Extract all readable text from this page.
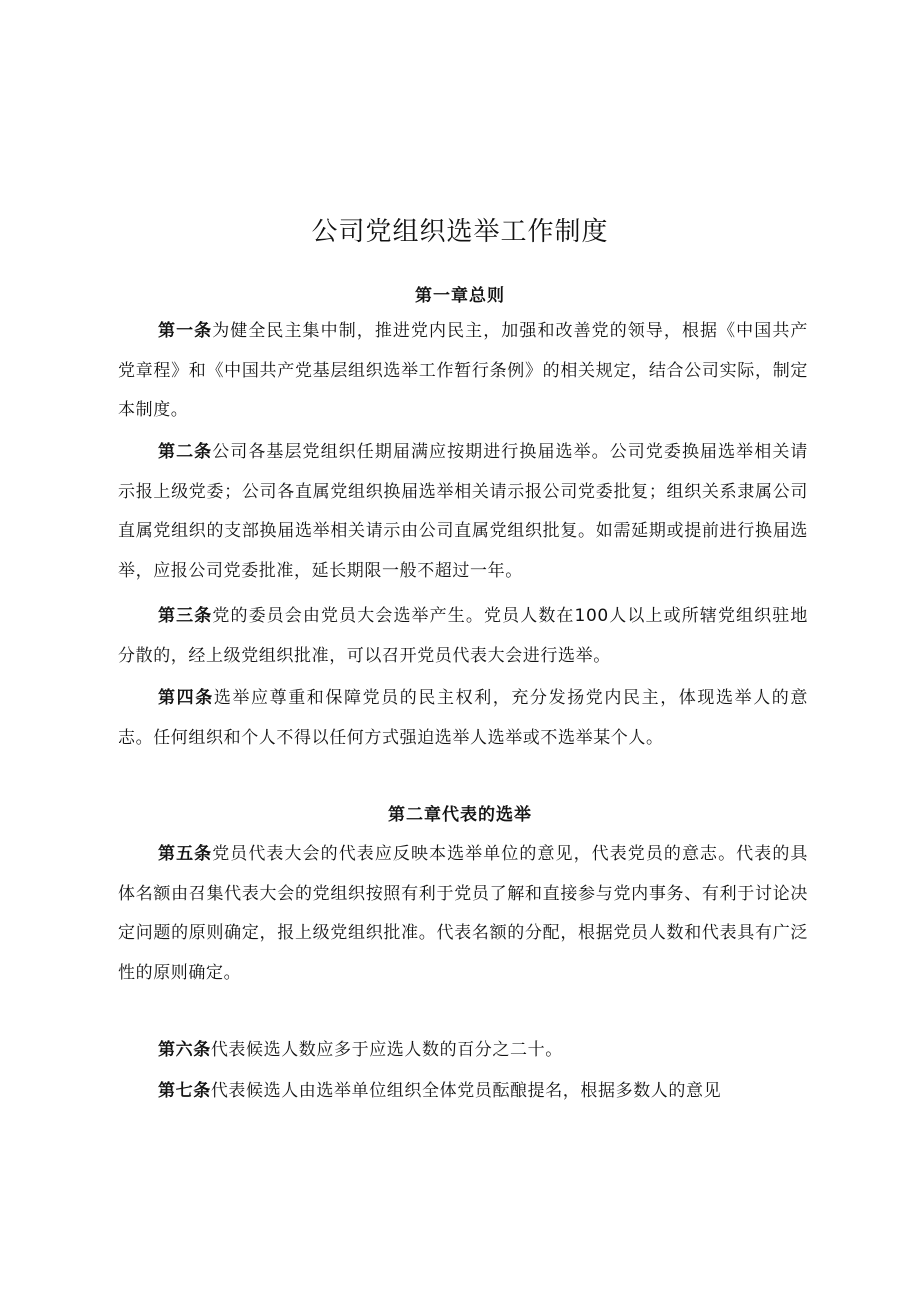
公司党组织选举工作制度
第一章总则

第一条为健全民主集中制，推进党内民主，加强和改善党的领导，根据《中国共产党章程》和《中国共产党基层组织选举工作暂行条例》的相关规定，结合公司实际，制定本制度。

第二条公司各基层党组织任期届满应按期进行换届选举。公司党委换届选举相关请示报上级党委；公司各直属党组织换届选举相关请示报公司党委批复；组织关系隶属公司直属党组织的支部换届选举相关请示由公司直属党组织批复。如需延期或提前进行换届选举，应报公司党委批准，延长期限一般不超过一年。

第三条党的委员会由党员大会选举产生。党员人数在100人以上或所辖党组织驻地分散的，经上级党组织批准，可以召开党员代表大会进行选举。

第四条选举应尊重和保障党员的民主权利，充分发扬党内民主，体现选举人的意志。任何组织和个人不得以任何方式强迫选举人选举或不选举某个人。

第二章代表的选举

第五条党员代表大会的代表应反映本选举单位的意见，代表党员的意志。代表的具体名额由召集代表大会的党组织按照有利于党员了解和直接参与党内事务、有利于讨论决定问题的原则确定，报上级党组织批准。代表名额的分配，根据党员人数和代表具有广泛性的原则确定。

第六条代表候选人数应多于应选人数的百分之二十。

第七条代表候选人由选举单位组织全体党员酝酿提名，根据多数人的意见
